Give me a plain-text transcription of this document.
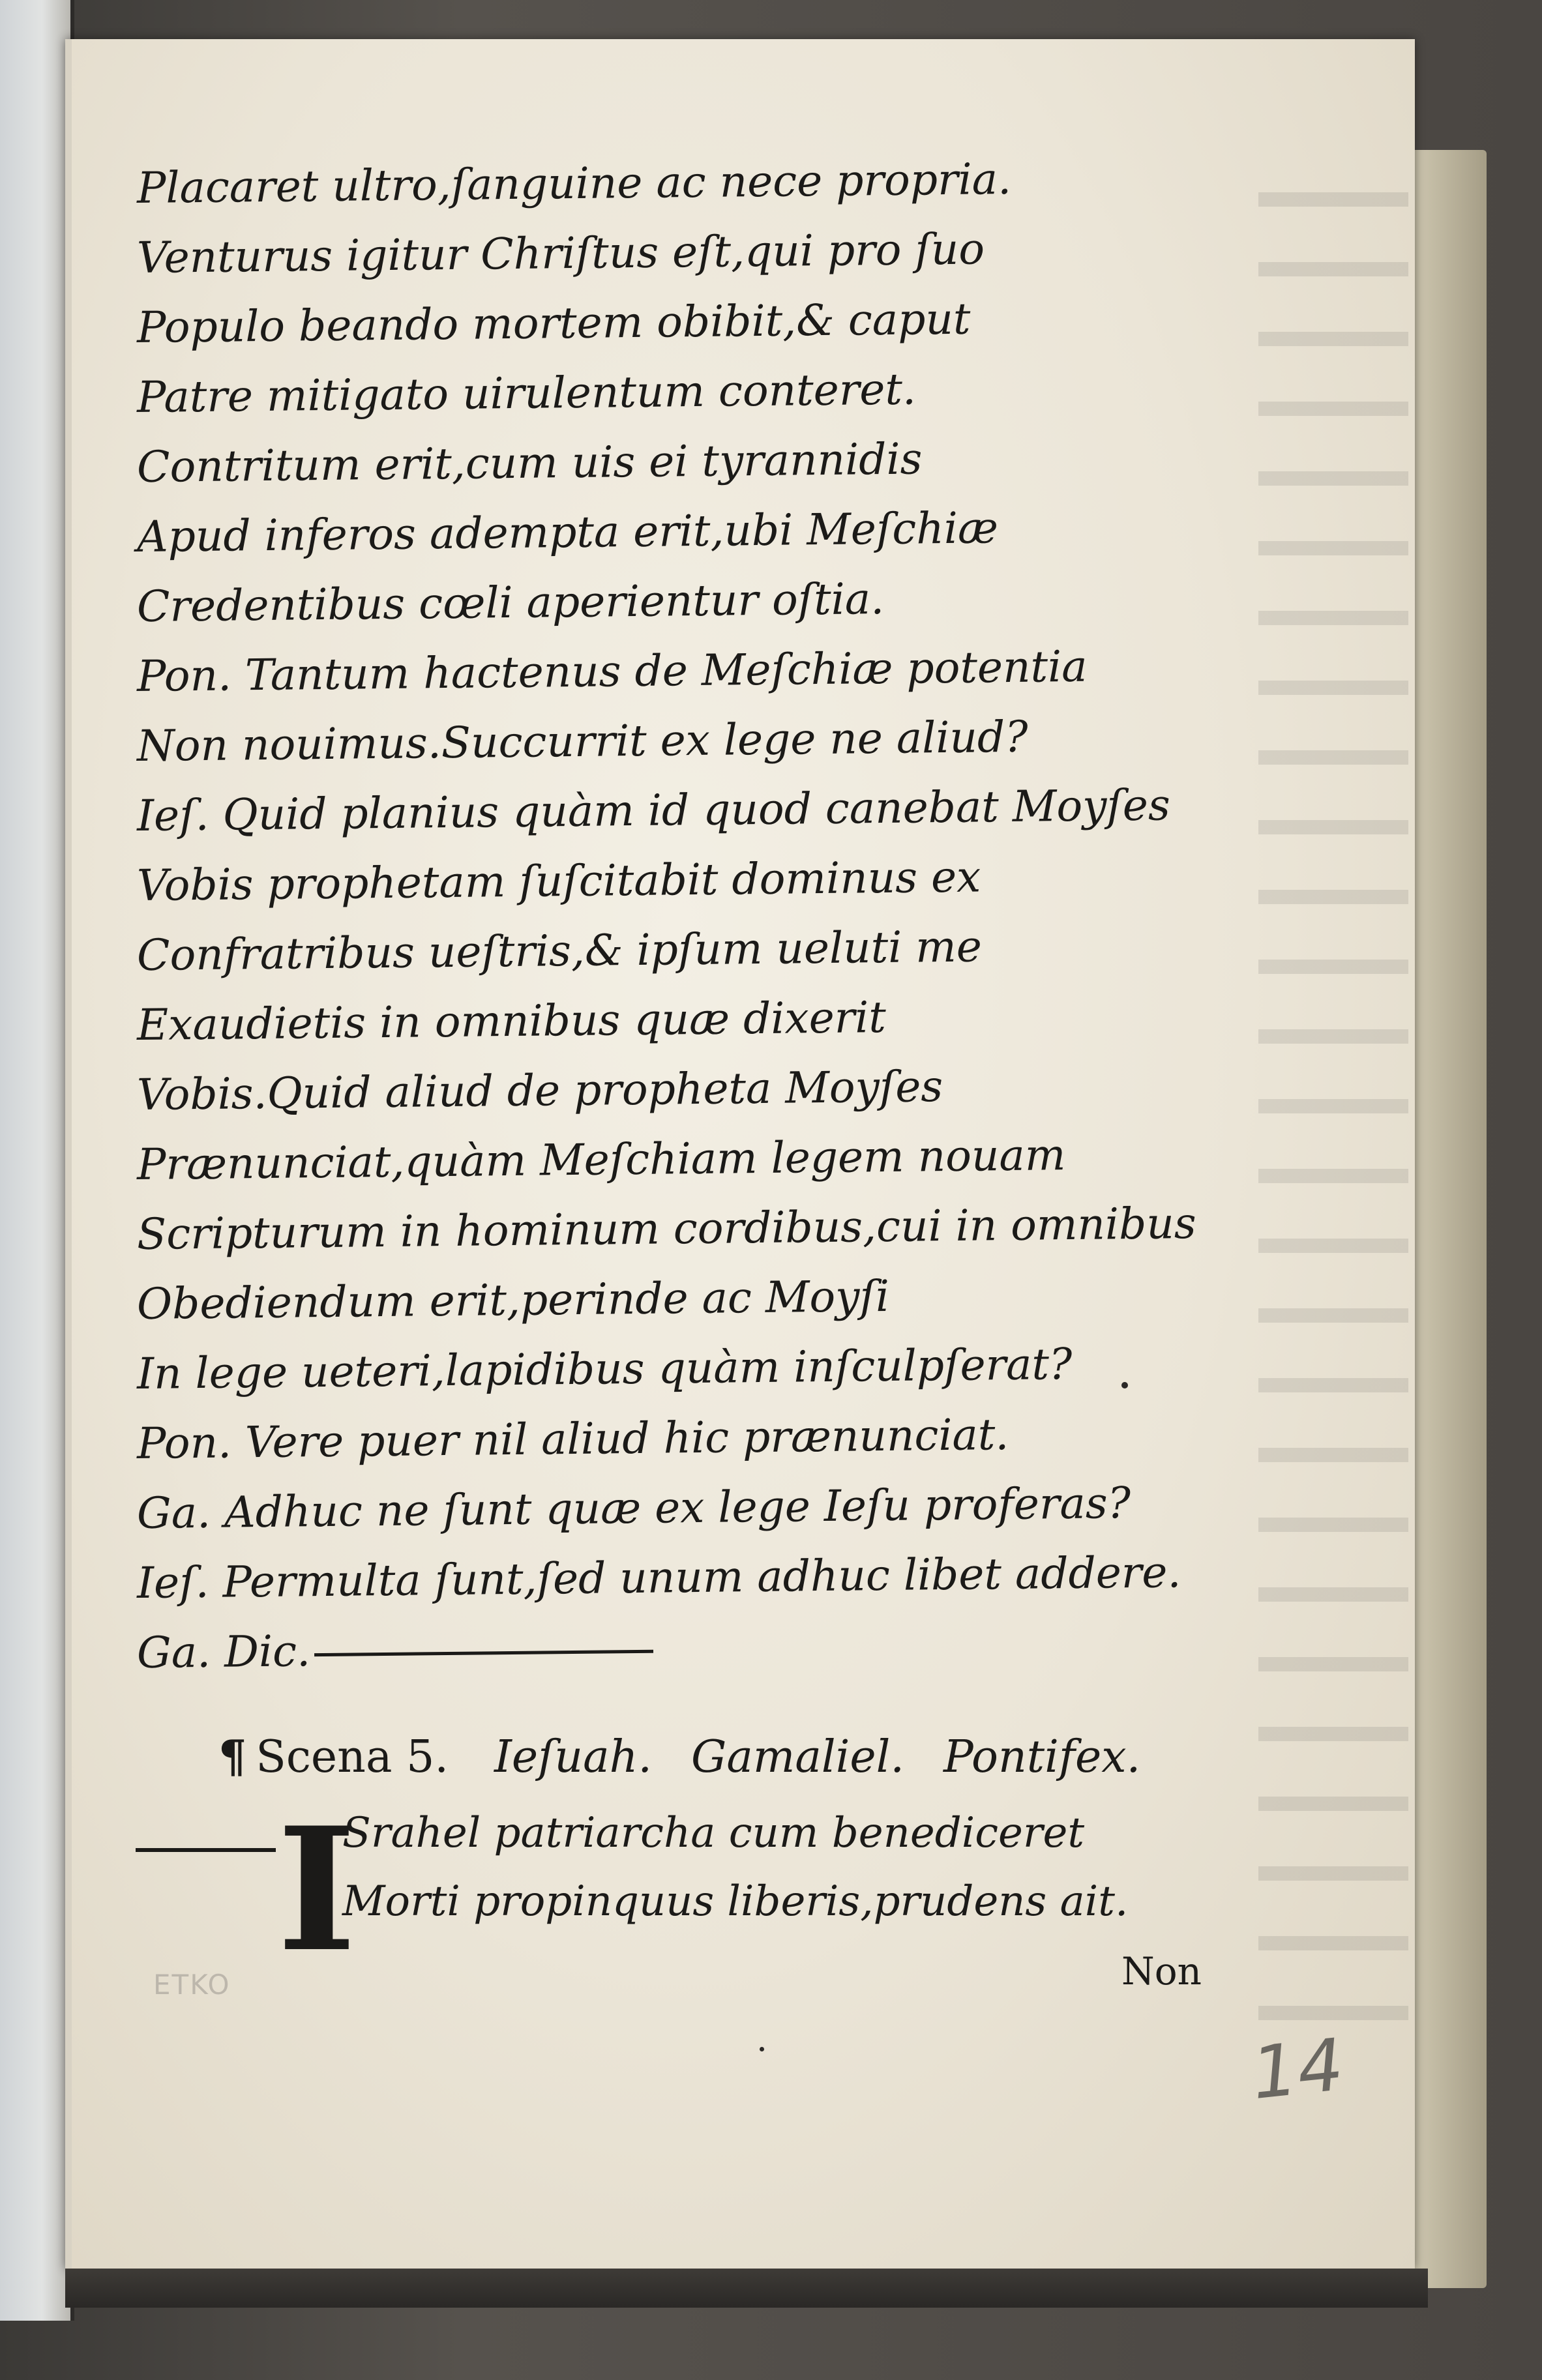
Placaret ultro,ſanguine ac nece propria.
Venturus igitur Chriſtus eſt,qui pro ſuo
Populo beando mortem obibit,& caput
Patre mitigato uirulentum conteret.
Contritum erit,cum uis ei tyrannidis
Apud inferos adempta erit,ubi Meſchiæ
Credentibus cœli aperientur oſtia.
Pon. Tantum hactenus de Meſchiæ potentia
Non nouimus.Succurrit ex lege ne aliud?
Ieſ. Quid planius quàm id quod canebat Moyſes
Vobis prophetam ſuſcitabit dominus ex
Confratribus ueſtris,& ipſum ueluti me
Exaudietis in omnibus quæ dixerit
Vobis.Quid aliud de propheta Moyſes
Prænunciat,quàm Meſchiam legem nouam
Scripturum in hominum cordibus,cui in omnibus
Obediendum erit,perinde ac Moyſi
In lege ueteri,lapidibus quàm inſculpſerat?
Pon. Vere puer nil aliud hic prænunciat.
Ga. Adhuc ne ſunt quæ ex lege Ieſu proferas?
Ieſ. Permulta ſunt,ſed unum adhuc libet addere.
Ga. Dic.
¶ Scena 5. Ieſuah. Gamaliel. Pontifex.
I
Srahel patriarcha cum benediceret
Morti propinquus liberis,prudens ait.
Non
ETKO
14
